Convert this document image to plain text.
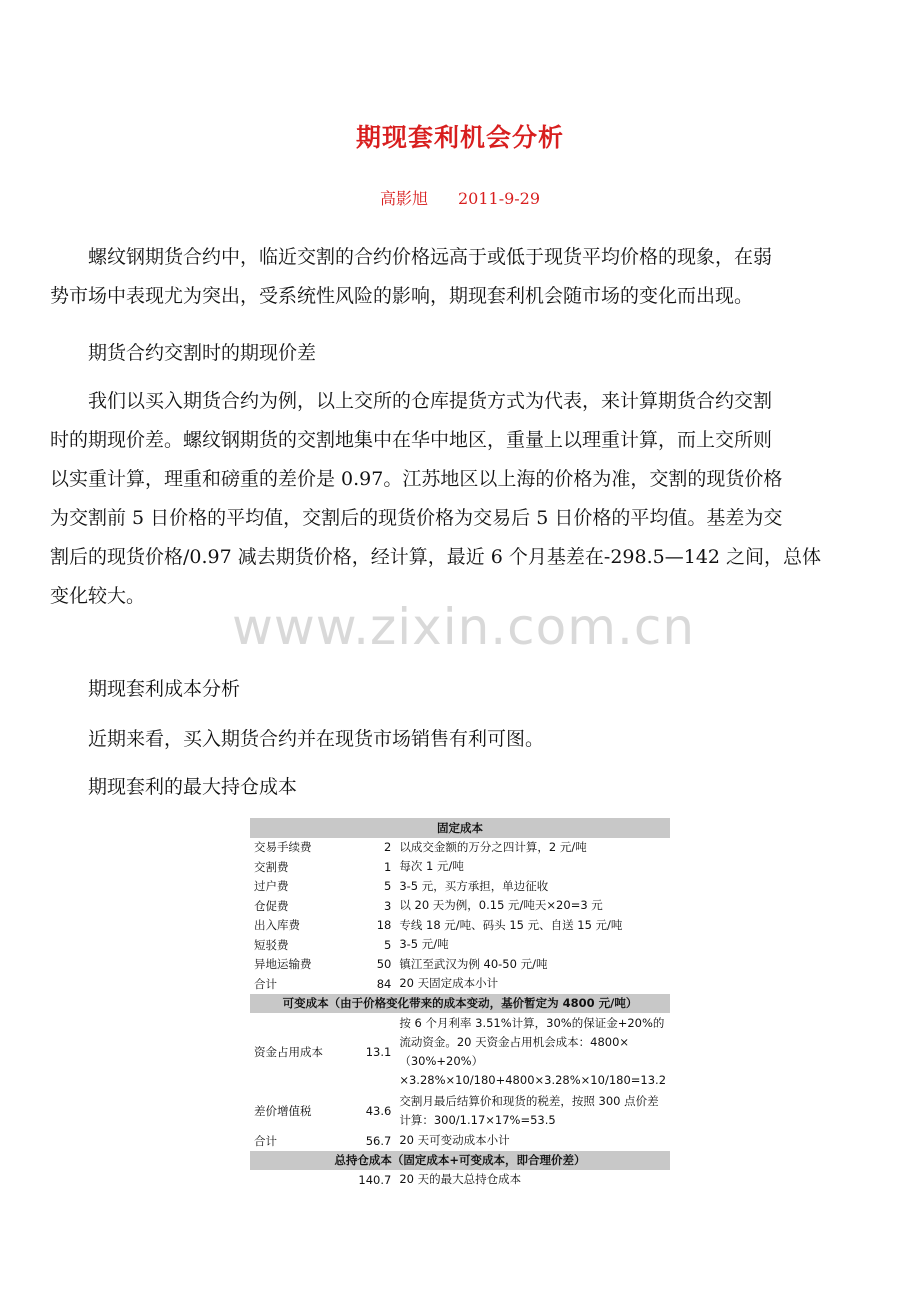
期现套利机会分析
高影旭 2011-9-29
螺纹钢期货合约中，临近交割的合约价格远高于或低于现货平均价格的现象，在弱
势市场中表现尤为突出，受系统性风险的影响，期现套利机会随市场的变化而出现。
期货合约交割时的期现价差
我们以买入期货合约为例，以上交所的仓库提货方式为代表，来计算期货合约交割
时的期现价差。螺纹钢期货的交割地集中在华中地区，重量上以理重计算，而上交所则
以实重计算，理重和磅重的差价是 0.97。江苏地区以上海的价格为准，交割的现货价格
为交割前 5 日价格的平均值，交割后的现货价格为交易后 5 日价格的平均值。基差为交
割后的现货价格/0.97 减去期货价格，经计算，最近 6 个月基差在-298.5—142 之间，总体
变化较大。
www.zixin.com.cn
期现套利成本分析
近期来看，买入期货合约并在现货市场销售有利可图。
期现套利的最大持仓成本
固定成本		
交易手续费	2	以成交金额的万分之四计算，2 元/吨
交割费	1	每次 1 元/吨
过户费	5	3-5 元，买方承担，单边征收
仓促费	3	以 20 天为例，0.15 元/吨天×20=3 元
出入库费	18	专线 18 元/吨、码头 15 元、自送 15 元/吨
短驳费	5	3-5 元/吨
异地运输费	50	镇江至武汉为例 40-50 元/吨
合计	84	20 天固定成本小计
可变成本（由于价格变化带来的成本变动，基价暂定为 4800 元/吨）		
资金占用成本	13.1	按 6 个月利率 3.51%计算，30%的保证金+20%的流动资金。20 天资金占用机会成本：4800×（30%+20%）×3.28%×10/180+4800×3.28%×10/180=13.2
差价增值税	43.6	交割月最后结算价和现货的税差，按照 300 点价差计算：300/1.17×17%=53.5
合计	56.7	20 天可变动成本小计
总持仓成本（固定成本+可变成本，即合理价差）		
	140.7	20 天的最大总持仓成本
